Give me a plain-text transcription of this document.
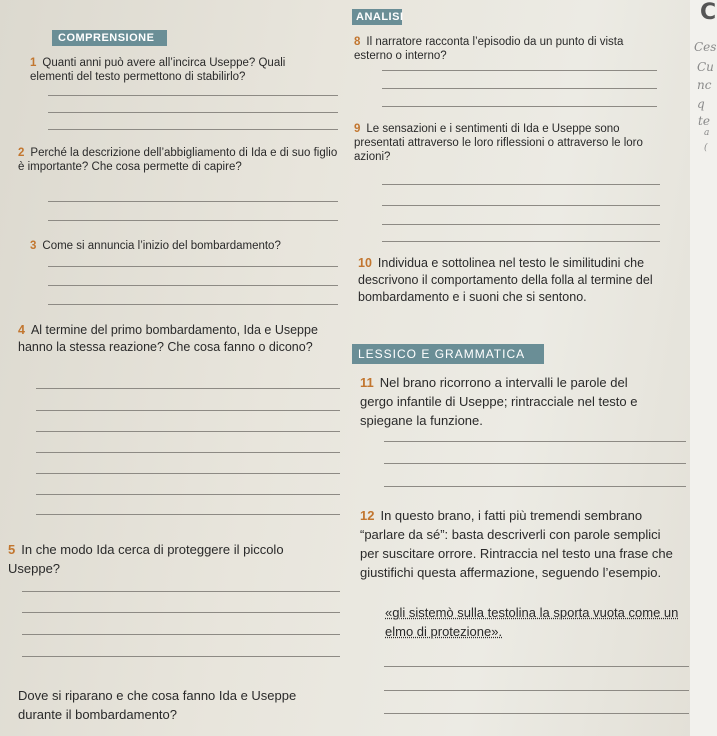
COMPRENSIONE
ANALISI
1 Quanti anni può avere all’incirca Useppe? Quali elementi del testo permettono di stabilirlo?
2 Perché la descrizione dell’abbigliamento di Ida e di suo figlio è importante? Che cosa permette di capire?
3 Come si annuncia l’inizio del bombardamento?
4 Al termine del primo bombardamento, Ida e Useppe hanno la stessa reazione? Che cosa fanno o dicono?
5 In che modo Ida cerca di proteggere il piccolo Useppe?
Dove si riparano e che cosa fanno Ida e Useppe durante il bombardamento?
8 Il narratore racconta l’episodio da un punto di vista esterno o interno?
9 Le sensazioni e i sentimenti di Ida e Useppe sono presentati attraverso le loro riflessioni o attraverso le loro azioni?
10 Individua e sottolinea nel testo le similitudini che descrivono il comportamento della folla al termine del bombardamento e i suoni che si sentono.
LESSICO E GRAMMATICA
11 Nel brano ricorrono a intervalli le parole del gergo infantile di Useppe; rintracciale nel testo e spiegane la funzione.
12 In questo brano, i fatti più tremendi sembrano “parlare da sé”: basta descriverli con parole semplici per suscitare orrore. Rintraccia nel testo una frase che giustifichi questa affermazione, seguendo l’esempio.
«gli sistemò sulla testolina la sporta vuota come un elmo di protezione».
C
Ces
Cu
nc
q
te
a
(
